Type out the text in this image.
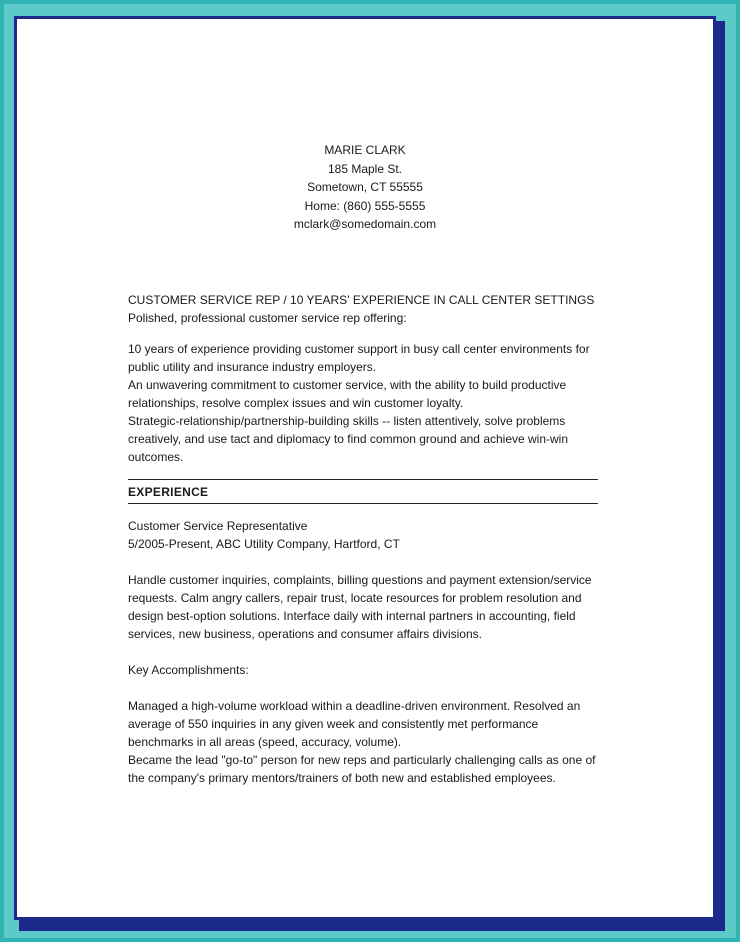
MARIE CLARK
185 Maple St.
Sometown, CT 55555
Home: (860) 555-5555
mclark@somedomain.com

CUSTOMER SERVICE REP / 10 YEARS' EXPERIENCE IN CALL CENTER SETTINGS

Polished, professional customer service rep offering:

10 years of experience providing customer support in busy call center environments for public utility and insurance industry employers.

An unwavering commitment to customer service, with the ability to build productive relationships, resolve complex issues and win customer loyalty.

Strategic-relationship/partnership-building skills -- listen attentively, solve problems creatively, and use tact and diplomacy to find common ground and achieve win-win outcomes.

EXPERIENCE

Customer Service Representative

5/2005-Present, ABC Utility Company, Hartford, CT

Handle customer inquiries, complaints, billing questions and payment extension/service requests. Calm angry callers, repair trust, locate resources for problem resolution and design best-option solutions. Interface daily with internal partners in accounting, field services, new business, operations and consumer affairs divisions.

Key Accomplishments:

Managed a high-volume workload within a deadline-driven environment. Resolved an average of 550 inquiries in any given week and consistently met performance benchmarks in all areas (speed, accuracy, volume).

Became the lead "go-to" person for new reps and particularly challenging calls as one of the company's primary mentors/trainers of both new and established employees.
